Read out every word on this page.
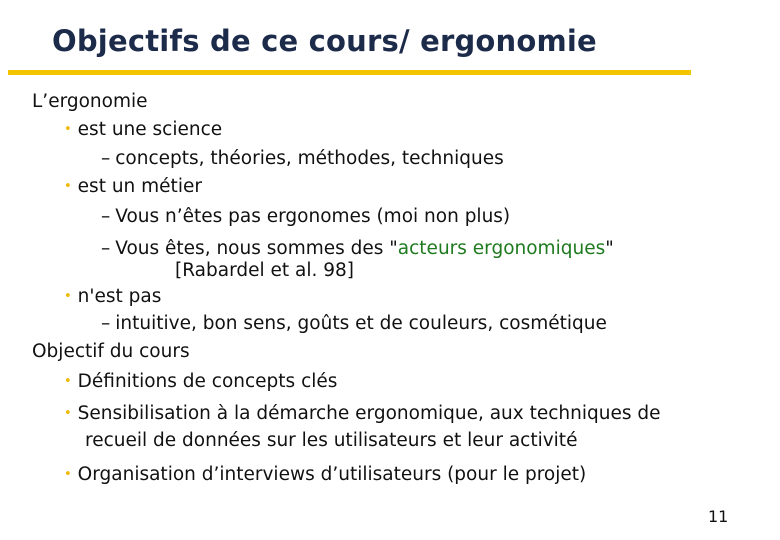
Objectifs de ce cours/ ergonomie
L’ergonomie
• est une science
– concepts, théories, méthodes, techniques
• est un métier
– Vous n’êtes pas ergonomes (moi non plus)
– Vous êtes, nous sommes des "acteurs ergonomiques"
[Rabardel et al. 98]
• n'est pas
– intuitive, bon sens, goûts et de couleurs, cosmétique
Objectif du cours
• Définitions de concepts clés
• Sensibilisation à la démarche ergonomique, aux techniques de
recueil de données sur les utilisateurs et leur activité
• Organisation d’interviews d’utilisateurs (pour le projet)
11
